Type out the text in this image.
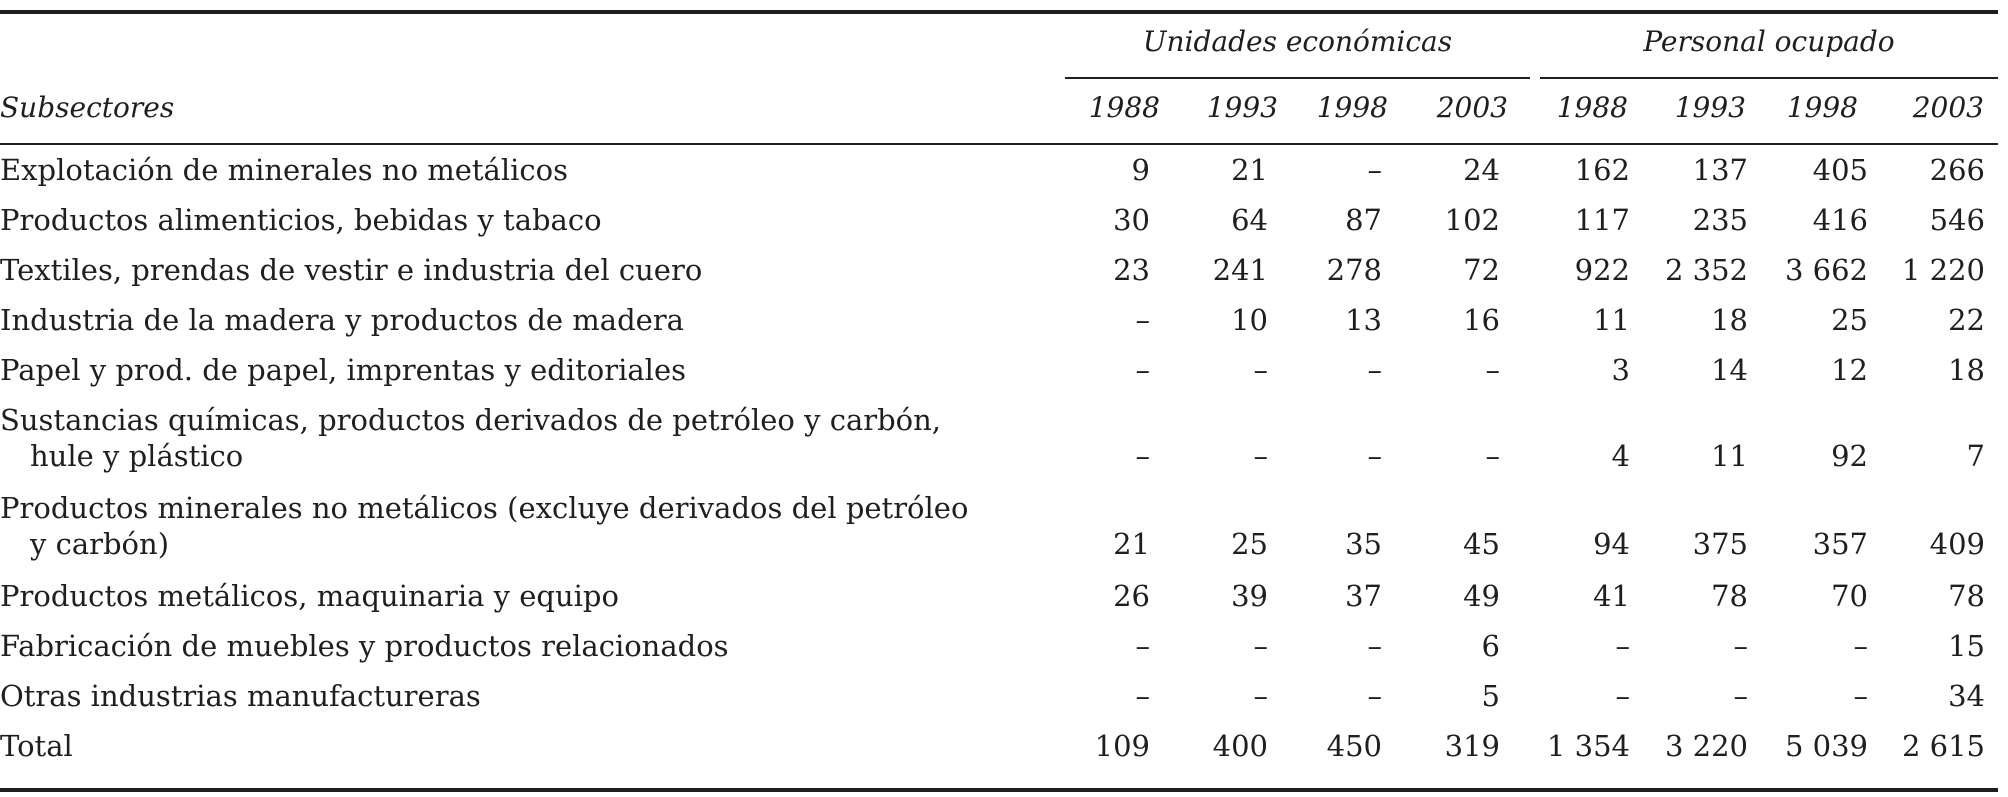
Unidades económicas	Personal ocupado
Subsectores	1988	1993	1998	2003	1988	1993	1998	2003
Explotación de minerales no metálicos	9	21	–	24	162	137	405	266
Productos alimenticios, bebidas y tabaco	30	64	87	102	117	235	416	546
Textiles, prendas de vestir e industria del cuero	23	241	278	72	922	2 352	3 662	1 220
Industria de la madera y productos de madera	–	10	13	16	11	18	25	22
Papel y prod. de papel, imprentas y editoriales	–	–	–	–	3	14	12	18
Sustancias químicas, productos derivados de petróleo y carbón,
hule y plástico	–	–	–	–	4	11	92	7
Productos minerales no metálicos (excluye derivados del petróleo
y carbón)	21	25	35	45	94	375	357	409
Productos metálicos, maquinaria y equipo	26	39	37	49	41	78	70	78
Fabricación de muebles y productos relacionados	–	–	–	6	–	–	–	15
Otras industrias manufactureras	–	–	–	5	–	–	–	34
Total	109	400	450	319	1 354	3 220	5 039	2 615
